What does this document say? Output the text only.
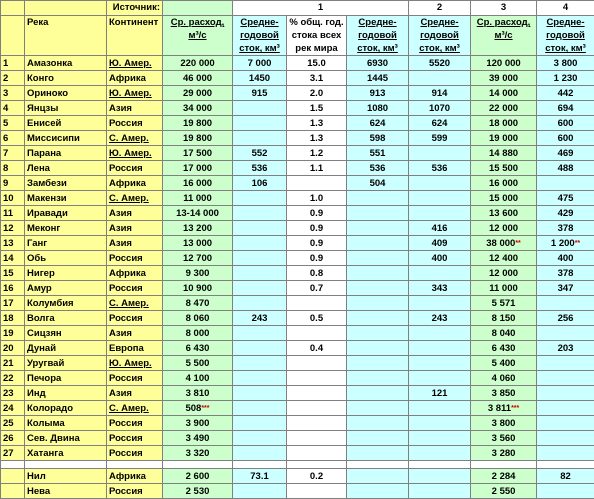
		Источник:		1			2	3	4
	Река	Континент	Ср. расход, м³/с	Средне-годовой сток, км³	% общ. год. стока всех рек мира	Средне-годовой сток, км³	Средне-годовой сток, км³	Ср. расход, м³/с	Средне-годовой сток, км³
1	Амазонка	Ю. Амер.	220 000	7 000	15.0	6930	5520	120 000	3 800
2	Конго	Африка	46 000	1450	3.1	1445		39 000	1 230
3	Ориноко	Ю. Амер.	29 000	915	2.0	913	914	14 000	442
4	Янцзы	Азия	34 000		1.5	1080	1070	22 000	694
5	Енисей	Россия	19 800		1.3	624	624	18 000	600
6	Миссисипи	С. Амер.	19 800		1.3	598	599	19 000	600
7	Парана	Ю. Амер.	17 500	552	1.2	551		14 880	469
8	Лена	Россия	17 000	536	1.1	536	536	15 500	488
9	Замбези	Африка	16 000	106		504		16 000	
10	Макензи	С. Амер.	11 000		1.0			15 000	475
11	Иравади	Азия	13-14 000		0.9			13 600	429
12	Меконг	Азия	13 200		0.9		416	12 000	378
13	Ганг	Азия	13 000		0.9		409	38 000**	1 200**
14	Обь	Россия	12 700		0.9		400	12 400	400
15	Нигер	Африка	9 300		0.8			12 000	378
16	Амур	Россия	10 900		0.7		343	11 000	347
17	Колумбия	С. Амер.	8 470					5 571	
18	Волга	Россия	8 060	243	0.5		243	8 150	256
19	Сицзян	Азия	8 000					8 040	
20	Дунай	Европа	6 430		0.4			6 430	203
21	Уругвай	Ю. Амер.	5 500					5 400	
22	Печора	Россия	4 100					4 060	
23	Инд	Азия	3 810				121	3 850	
24	Колорадо	С. Амер.	508***					3 811***	
25	Колыма	Россия	3 900					3 800	
26	Сев. Двина	Россия	3 490					3 560	
27	Хатанга	Россия	3 320					3 280	

	Нил	Африка	2 600	73.1	0.2			2 284	82
	Нева	Россия	2 530					2 550	
